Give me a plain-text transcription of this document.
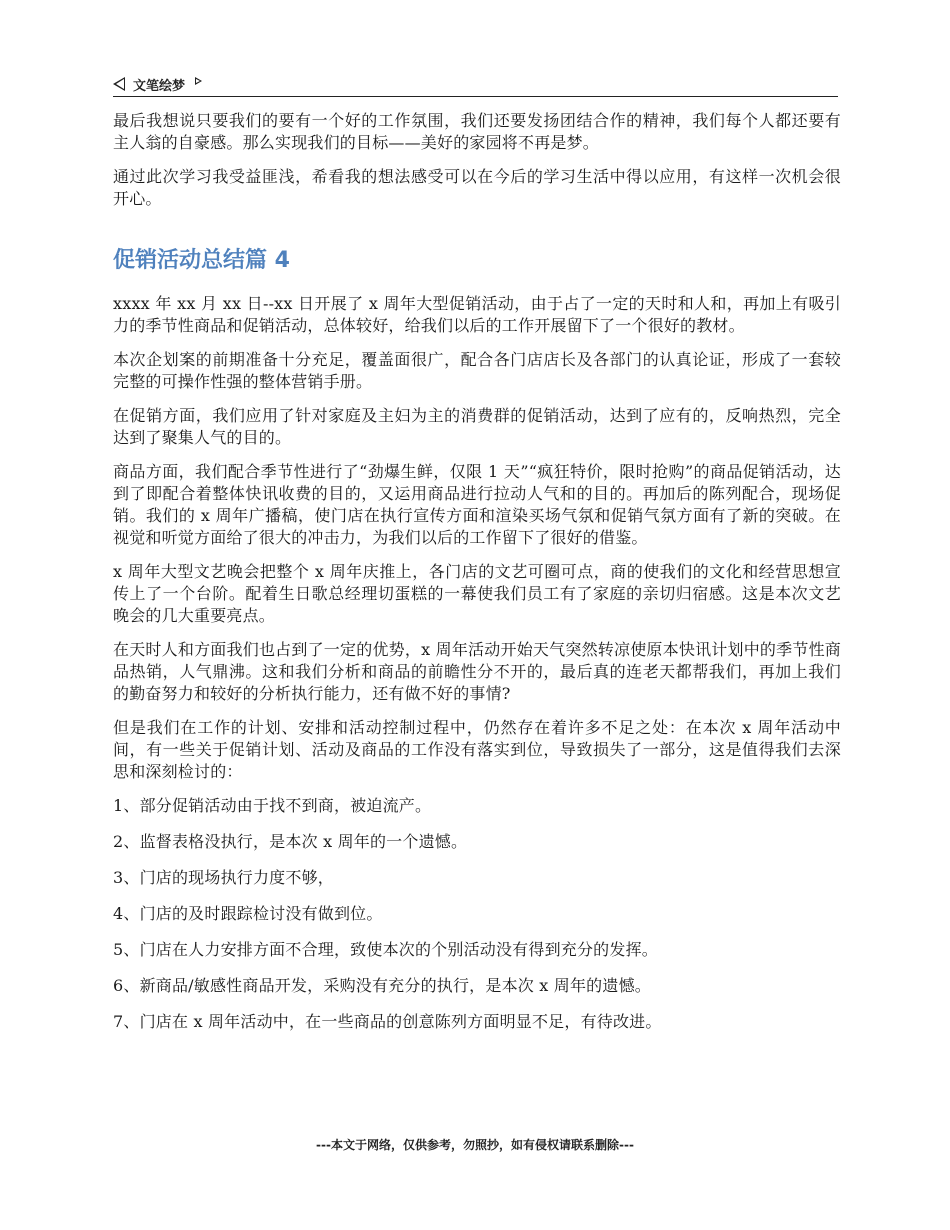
文笔绘梦

最后我想说只要我们的要有一个好的工作氛围，我们还要发扬团结合作的精神，我们每个人都还要有主人翁的自豪感。那么实现我们的目标——美好的家园将不再是梦。

通过此次学习我受益匪浅，希看我的想法感受可以在今后的学习生活中得以应用，有这样一次机会很开心。

促销活动总结篇 4

xxxx 年 xx 月 xx 日--xx 日开展了 x 周年大型促销活动，由于占了一定的天时和人和，再加上有吸引力的季节性商品和促销活动，总体较好，给我们以后的工作开展留下了一个很好的教材。

本次企划案的前期准备十分充足，覆盖面很广，配合各门店店长及各部门的认真论证，形成了一套较完整的可操作性强的整体营销手册。

在促销方面，我们应用了针对家庭及主妇为主的消费群的促销活动，达到了应有的，反响热烈，完全达到了聚集人气的目的。

商品方面，我们配合季节性进行了“劲爆生鲜，仅限 1 天”“疯狂特价，限时抢购”的商品促销活动，达到了即配合着整体快讯收费的目的，又运用商品进行拉动人气和的目的。再加后的陈列配合，现场促销。我们的 x 周年广播稿，使门店在执行宣传方面和渲染买场气氛和促销气氛方面有了新的突破。在视觉和听觉方面给了很大的冲击力，为我们以后的工作留下了很好的借鉴。

x 周年大型文艺晚会把整个 x 周年庆推上，各门店的文艺可圈可点，商的使我们的文化和经营思想宣传上了一个台阶。配着生日歌总经理切蛋糕的一幕使我们员工有了家庭的亲切归宿感。这是本次文艺晚会的几大重要亮点。

在天时人和方面我们也占到了一定的优势，x 周年活动开始天气突然转凉使原本快讯计划中的季节性商品热销，人气鼎沸。这和我们分析和商品的前瞻性分不开的，最后真的连老天都帮我们，再加上我们的勤奋努力和较好的分析执行能力，还有做不好的事情?

但是我们在工作的计划、安排和活动控制过程中，仍然存在着许多不足之处：在本次 x 周年活动中间，有一些关于促销计划、活动及商品的工作没有落实到位，导致损失了一部分，这是值得我们去深思和深刻检讨的：

1、部分促销活动由于找不到商，被迫流产。

2、监督表格没执行，是本次 x 周年的一个遗憾。

3、门店的现场执行力度不够，

4、门店的及时跟踪检讨没有做到位。

5、门店在人力安排方面不合理，致使本次的个别活动没有得到充分的发挥。

6、新商品/敏感性商品开发，采购没有充分的执行，是本次 x 周年的遗憾。

7、门店在 x 周年活动中，在一些商品的创意陈列方面明显不足，有待改进。

---本文于网络，仅供参考，勿照抄，如有侵权请联系删除---
